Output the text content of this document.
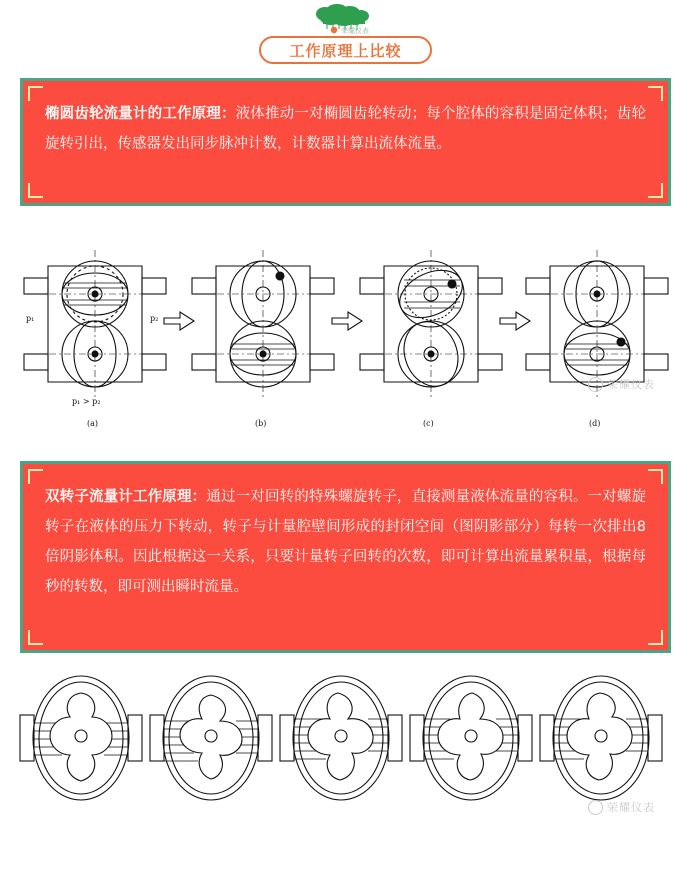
荣耀仪表
工作原理上比较

椭圆齿轮流量计的工作原理：液体推动一对椭圆齿轮转动；每个腔体的容积是固定体积；齿轮旋转引出，传感器发出同步脉冲计数，计数器计算出流体流量。

p₁	p₂
p₁ > p₂
(a)	(b)	(c)	(d)
荣耀仪表

双转子流量计工作原理：通过一对回转的特殊螺旋转子，直接测量液体流量的容积。一对螺旋转子在液体的压力下转动，转子与计量腔壁间形成的封闭空间（图阴影部分）每转一次排出8倍阴影体积。因此根据这一关系，只要计量转子回转的次数，即可计算出流量累积量，根据每秒的转数，即可测出瞬时流量。

荣耀仪表
